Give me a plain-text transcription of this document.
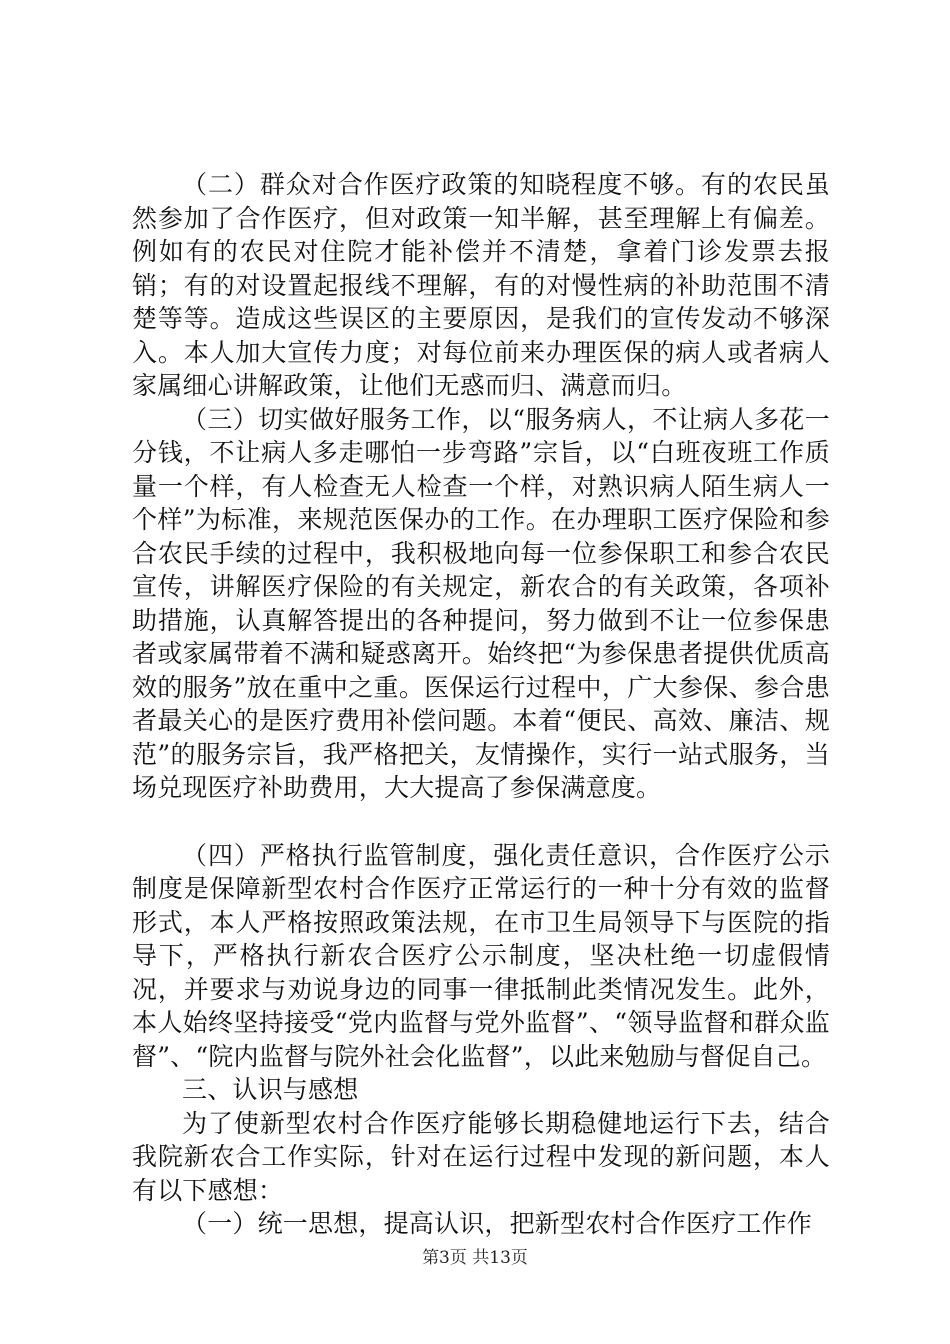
（二）群众对合作医疗政策的知晓程度不够。有的农民虽然参加了合作医疗，但对政策一知半解，甚至理解上有偏差。例如有的农民对住院才能补偿并不清楚，拿着门诊发票去报销；有的对设置起报线不理解，有的对慢性病的补助范围不清楚等等。造成这些误区的主要原因，是我们的宣传发动不够深入。本人加大宣传力度；对每位前来办理医保的病人或者病人家属细心讲解政策，让他们无惑而归、满意而归。

（三）切实做好服务工作，以“服务病人，不让病人多花一分钱，不让病人多走哪怕一步弯路”宗旨，以“白班夜班工作质量一个样，有人检查无人检查一个样，对熟识病人陌生病人一个样”为标准，来规范医保办的工作。在办理职工医疗保险和参合农民手续的过程中，我积极地向每一位参保职工和参合农民宣传，讲解医疗保险的有关规定，新农合的有关政策，各项补助措施，认真解答提出的各种提问，努力做到不让一位参保患者或家属带着不满和疑惑离开。始终把“为参保患者提供优质高效的服务”放在重中之重。医保运行过程中，广大参保、参合患者最关心的是医疗费用补偿问题。本着“便民、高效、廉洁、规范”的服务宗旨，我严格把关，友情操作，实行一站式服务，当场兑现医疗补助费用，大大提高了参保满意度。

（四）严格执行监管制度，强化责任意识，合作医疗公示制度是保障新型农村合作医疗正常运行的一种十分有效的监督形式，本人严格按照政策法规，在市卫生局领导下与医院的指导下，严格执行新农合医疗公示制度，坚决杜绝一切虚假情况，并要求与劝说身边的同事一律抵制此类情况发生。此外，本人始终坚持接受“党内监督与党外监督”、“领导监督和群众监督”、“院内监督与院外社会化监督”，以此来勉励与督促自己。

三、认识与感想

为了使新型农村合作医疗能够长期稳健地运行下去，结合我院新农合工作实际，针对在运行过程中发现的新问题，本人有以下感想：

（一）统一思想，提高认识，把新型农村合作医疗工作作

第3页 共13页
